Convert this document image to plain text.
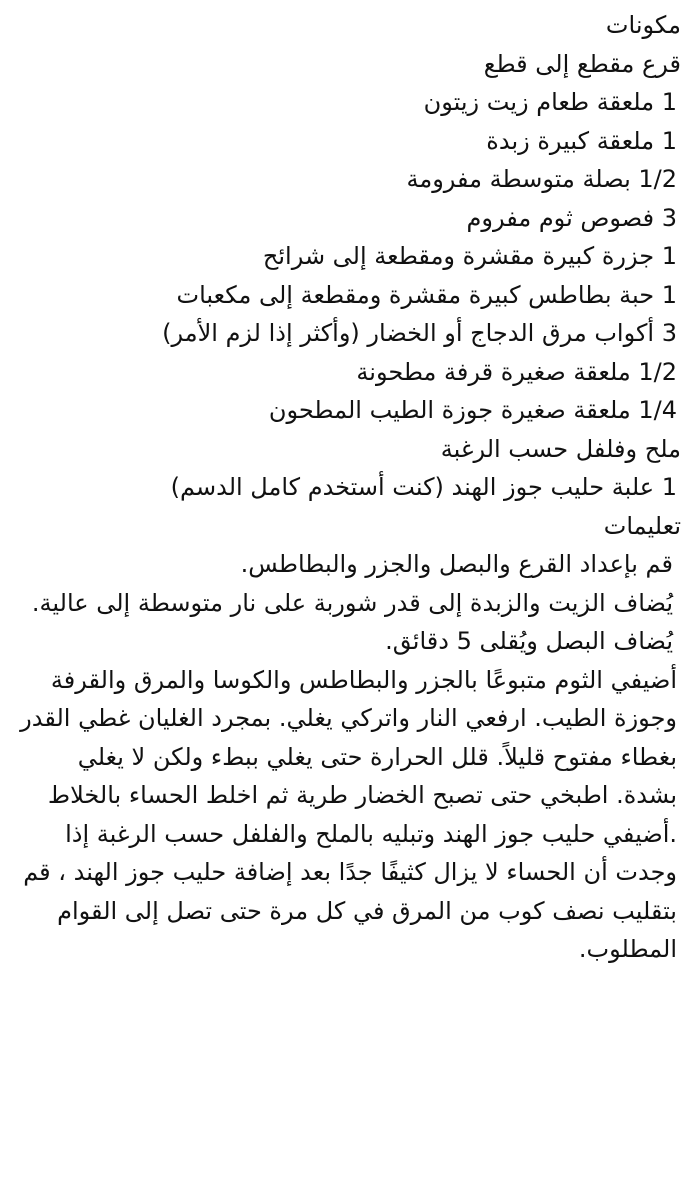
مكونات
قرع مقطع إلى قطع
1 ملعقة طعام زيت زيتون
1 ملعقة كبيرة زبدة
1/2 بصلة متوسطة مفرومة
3 فصوص ثوم مفروم
1 جزرة كبيرة مقشرة ومقطعة إلى شرائح
1 حبة بطاطس كبيرة مقشرة ومقطعة إلى مكعبات
3 أكواب مرق الدجاج أو الخضار (وأكثر إذا لزم الأمر)
1/2 ملعقة صغيرة قرفة مطحونة
1/4 ملعقة صغيرة جوزة الطيب المطحون
ملح وفلفل حسب الرغبة
1 علبة حليب جوز الهند (كنت أستخدم كامل الدسم)
تعليمات
قم بإعداد القرع والبصل والجزر والبطاطس.
يُضاف الزيت والزبدة إلى قدر شوربة على نار متوسطة إلى عالية. يُضاف البصل ويُقلى 5 دقائق.
أضيفي الثوم متبوعًا بالجزر والبطاطس والكوسا والمرق والقرفة وجوزة الطيب. ارفعي النار واتركي يغلي. بمجرد الغليان غطي القدر بغطاء مفتوح قليلاً. قلل الحرارة حتى يغلي ببطء ولكن لا يغلي بشدة. اطبخي حتى تصبح الخضار طرية ثم اخلط الحساء بالخلاط .أضيفي حليب جوز الهند وتبليه بالملح والفلفل حسب الرغبة إذا وجدت أن الحساء لا يزال كثيفًا جدًا بعد إضافة حليب جوز الهند ، قم بتقليب نصف كوب من المرق في كل مرة حتى تصل إلى القوام المطلوب.
